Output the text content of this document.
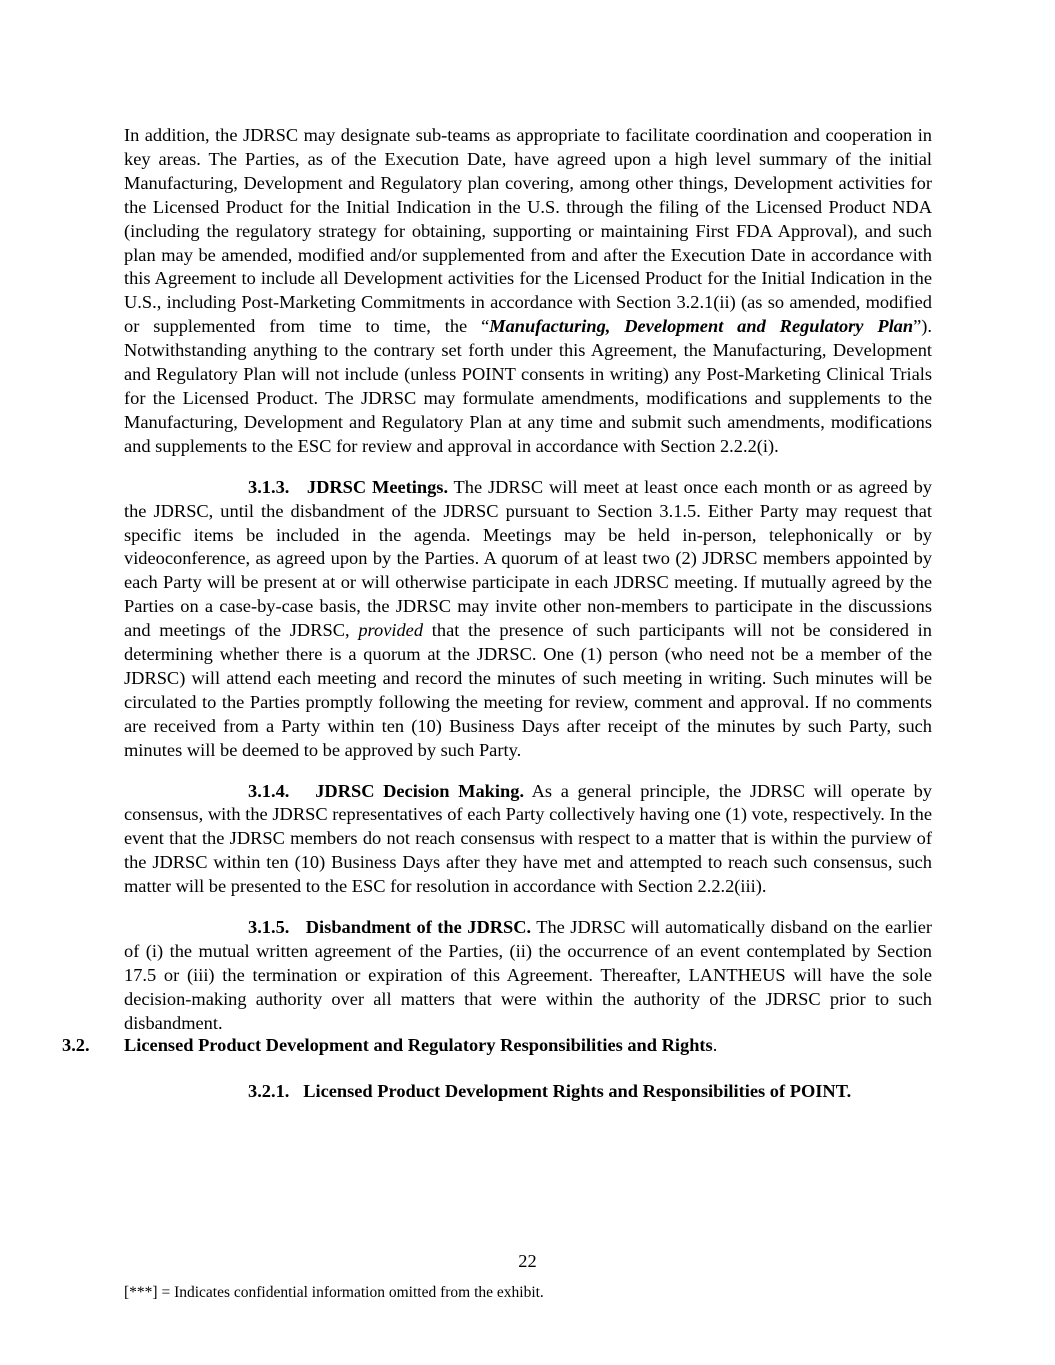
In addition, the JDRSC may designate sub-teams as appropriate to facilitate coordination and cooperation in key areas. The Parties, as of the Execution Date, have agreed upon a high level summary of the initial Manufacturing, Development and Regulatory plan covering, among other things, Development activities for the Licensed Product for the Initial Indication in the U.S. through the filing of the Licensed Product NDA (including the regulatory strategy for obtaining, supporting or maintaining First FDA Approval), and such plan may be amended, modified and/or supplemented from and after the Execution Date in accordance with this Agreement to include all Development activities for the Licensed Product for the Initial Indication in the U.S., including Post-Marketing Commitments in accordance with Section 3.2.1(ii) (as so amended, modified or supplemented from time to time, the “Manufacturing, Development and Regulatory Plan”). Notwithstanding anything to the contrary set forth under this Agreement, the Manufacturing, Development and Regulatory Plan will not include (unless POINT consents in writing) any Post-Marketing Clinical Trials for the Licensed Product. The JDRSC may formulate amendments, modifications and supplements to the Manufacturing, Development and Regulatory Plan at any time and submit such amendments, modifications and supplements to the ESC for review and approval in accordance with Section 2.2.2(i).

3.1.3. JDRSC Meetings. The JDRSC will meet at least once each month or as agreed by the JDRSC, until the disbandment of the JDRSC pursuant to Section 3.1.5. Either Party may request that specific items be included in the agenda. Meetings may be held in-person, telephonically or by videoconference, as agreed upon by the Parties. A quorum of at least two (2) JDRSC members appointed by each Party will be present at or will otherwise participate in each JDRSC meeting. If mutually agreed by the Parties on a case-by-case basis, the JDRSC may invite other non-members to participate in the discussions and meetings of the JDRSC, provided that the presence of such participants will not be considered in determining whether there is a quorum at the JDRSC. One (1) person (who need not be a member of the JDRSC) will attend each meeting and record the minutes of such meeting in writing. Such minutes will be circulated to the Parties promptly following the meeting for review, comment and approval. If no comments are received from a Party within ten (10) Business Days after receipt of the minutes by such Party, such minutes will be deemed to be approved by such Party.

3.1.4. JDRSC Decision Making. As a general principle, the JDRSC will operate by consensus, with the JDRSC representatives of each Party collectively having one (1) vote, respectively. In the event that the JDRSC members do not reach consensus with respect to a matter that is within the purview of the JDRSC within ten (10) Business Days after they have met and attempted to reach such consensus, such matter will be presented to the ESC for resolution in accordance with Section 2.2.2(iii).

3.1.5. Disbandment of the JDRSC. The JDRSC will automatically disband on the earlier of (i) the mutual written agreement of the Parties, (ii) the occurrence of an event contemplated by Section 17.5 or (iii) the termination or expiration of this Agreement. Thereafter, LANTHEUS will have the sole decision-making authority over all matters that were within the authority of the JDRSC prior to such disbandment.

3.2. Licensed Product Development and Regulatory Responsibilities and Rights.
3.2.1. Licensed Product Development Rights and Responsibilities of POINT.
22
[***] = Indicates confidential information omitted from the exhibit.
